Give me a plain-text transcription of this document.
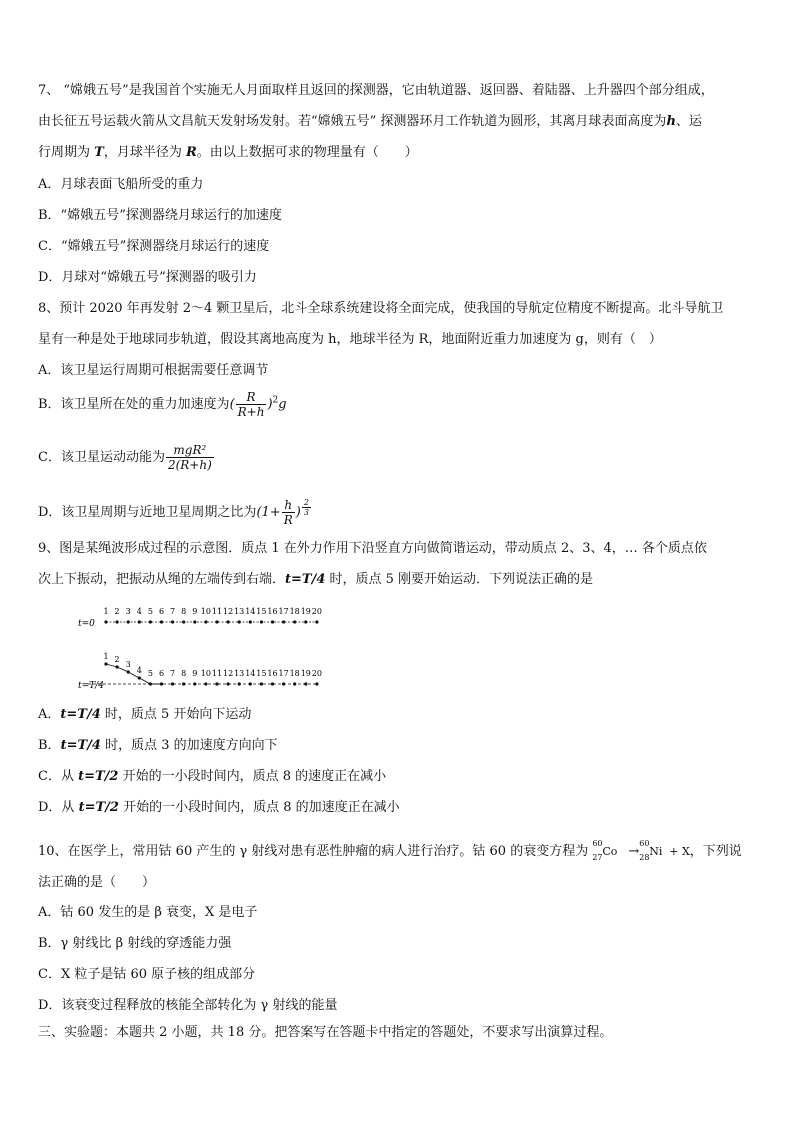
7、 “嫦娥五号”是我国首个实施无人月面取样且返回的探测器，它由轨道器、返回器、着陆器、上升器四个部分组成，
由长征五号运载火箭从文昌航天发射场发射。若“嫦娥五号” 探测器环月工作轨道为圆形，其离月球表面高度为h、运
行周期为 T，月球半径为 R。由以上数据可求的物理量有（　　）
A．月球表面飞船所受的重力
B．“嫦娥五号”探测器绕月球运行的加速度
C．“嫦娥五号”探测器绕月球运行的速度
D．月球对“嫦娥五号”探测器的吸引力
8、预计 2020 年再发射 2～4 颗卫星后，北斗全球系统建设将全面完成，使我国的导航定位精度不断提高。北斗导航卫
星有一种是处于地球同步轨道，假设其离地高度为 h，地球半径为 R，地面附近重力加速度为 g，则有（　）
A．该卫星运行周期可根据需要任意调节
B．该卫星所在处的重力加速度为( $\frac{R}{R+h} )^2g$
C．该卫星运动动能为 $\frac{\text{mgR²}}{2(R+h)}$
D．该卫星周期与近地卫星周期之比为($1+ \frac{h}{R}$ ) $\frac{2}{3}$
9、图是某绳波形成过程的示意图．质点 1 在外力作用下沿竖直方向做简谐运动，带动质点 2、3、4，… 各个质点依
次上下振动，把振动从绳的左端传到右端．t=T/4 时，质点 5 刚要开始运动．下列说法正确的是
1 2 3 4 5 6 7 8 9 10 11 12 13 14 15 16 17 18 19 20
t=0
1 2
3
4 5 6 7 8 9 10 11 12 13 14 15 16 17 18 19 20
t=T/4
A．t=T/4 时，质点 5 开始向下运动
B．t=T/4 时，质点 3 的加速度方向向下
C．从 t=T/2 开始的一小段时间内，质点 8 的速度正在减小
D．从 t=T/2 开始的一小段时间内，质点 8 的加速度正在减小
10、在医学上，常用钴 60 产生的 γ 射线对患有恶性肿瘤的病人进行治疗。钴 60 的衰变方程为
60
27 Co →
60
28 Ni + X，下列说
法正确的是（　　）
A．钴 60 发生的是 β 衰变，X 是电子
B．γ 射线比 β 射线的穿透能力强
C．X 粒子是钴 60 原子核的组成部分
D．该衰变过程释放的核能全部转化为 γ 射线的能量
三、实验题：本题共 2 小题，共 18 分。把答案写在答题卡中指定的答题处，不要求写出演算过程。
